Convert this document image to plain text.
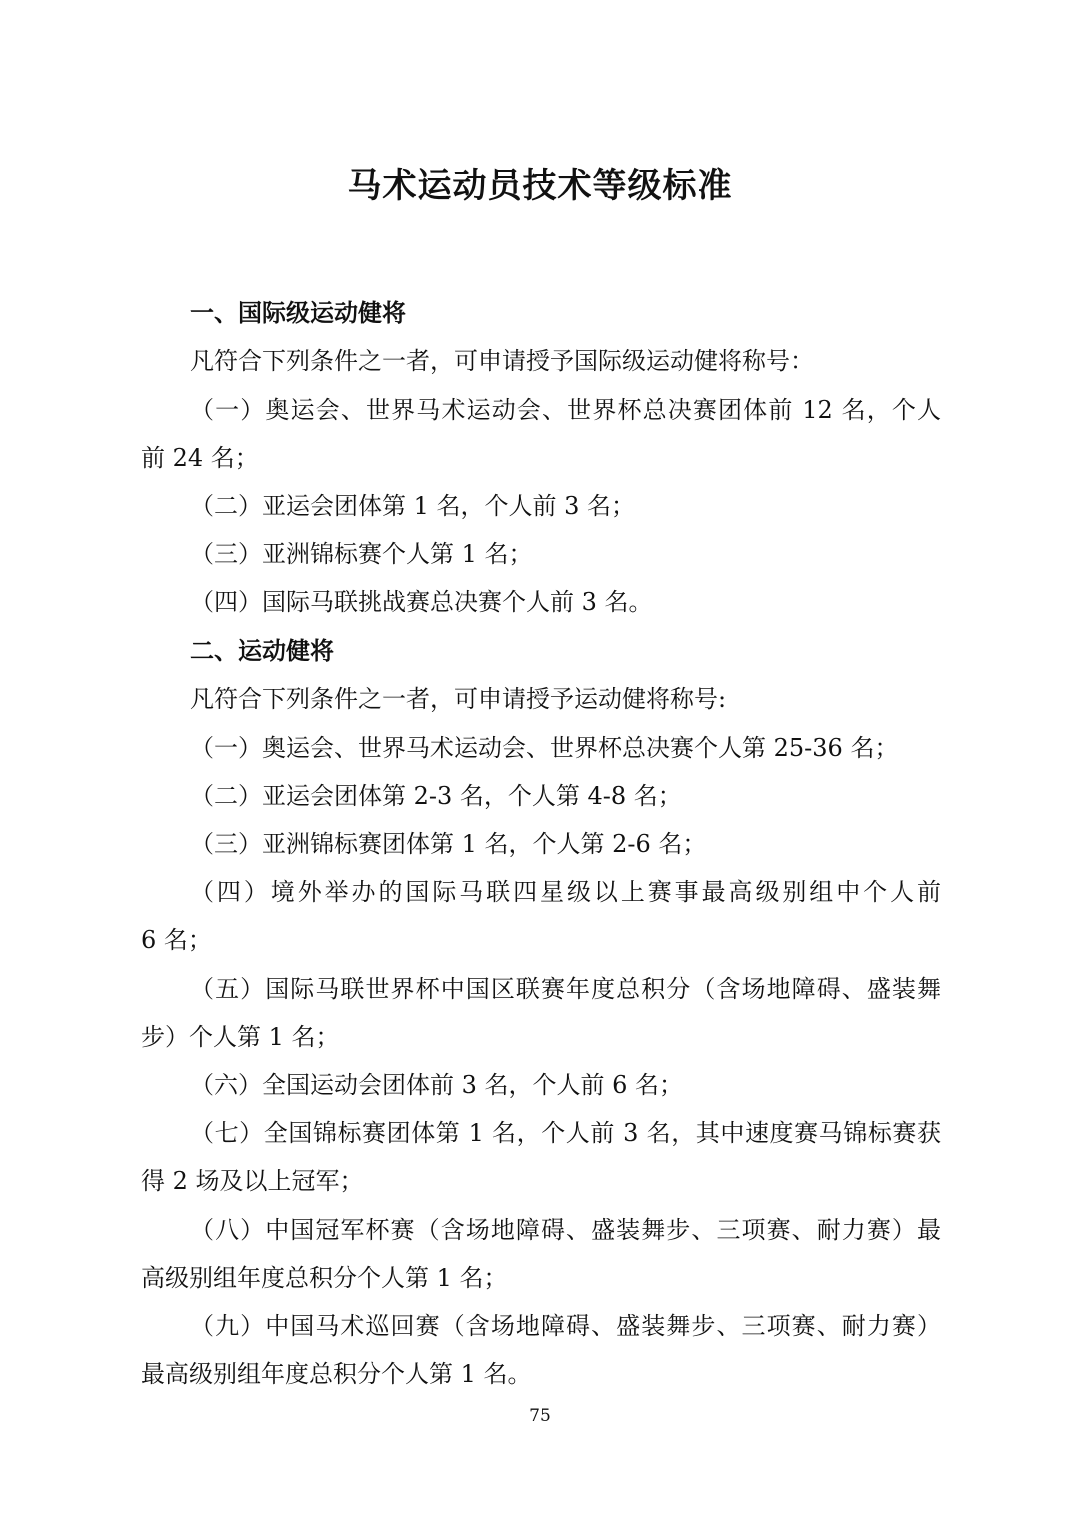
马术运动员技术等级标准
一、国际级运动健将
凡符合下列条件之一者，可申请授予国际级运动健将称号：
（一）奥运会、世界马术运动会、世界杯总决赛团体前 12 名，个人
前 24 名；
（二）亚运会团体第 1 名，个人前 3 名；
（三）亚洲锦标赛个人第 1 名；
（四）国际马联挑战赛总决赛个人前 3 名。
二、运动健将
凡符合下列条件之一者，可申请授予运动健将称号:
（一）奥运会、世界马术运动会、世界杯总决赛个人第 25-36 名；
（二）亚运会团体第 2-3 名，个人第 4-8 名；
（三）亚洲锦标赛团体第 1 名，个人第 2-6 名；
（四）境外举办的国际马联四星级以上赛事最高级别组中个人前
6 名；
（五）国际马联世界杯中国区联赛年度总积分（含场地障碍、盛装舞
步）个人第 1 名；
（六）全国运动会团体前 3 名，个人前 6 名；
（七）全国锦标赛团体第 1 名，个人前 3 名，其中速度赛马锦标赛获
得 2 场及以上冠军；
（八）中国冠军杯赛（含场地障碍、盛装舞步、三项赛、耐力赛）最
高级别组年度总积分个人第 1 名；
（九）中国马术巡回赛（含场地障碍、盛装舞步、三项赛、耐力赛）
最高级别组年度总积分个人第 1 名。
75
